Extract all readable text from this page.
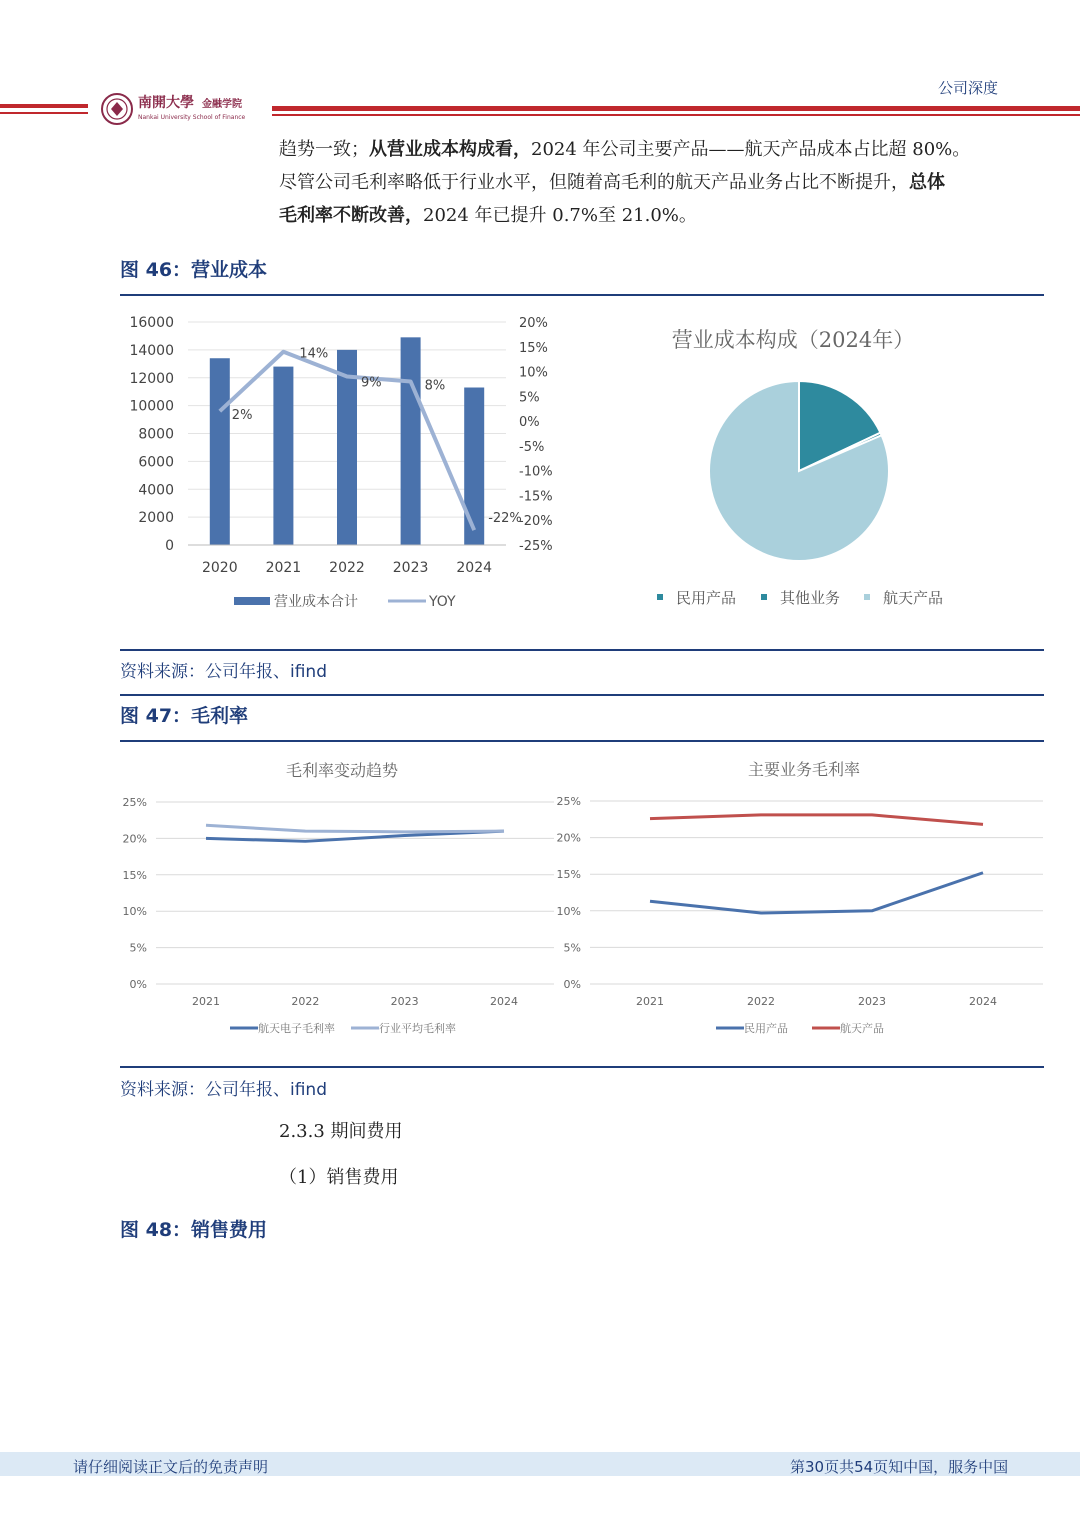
公司深度
南開大學 金融学院
Nankai University School of Finance
趋势一致；从营业成本构成看，2024 年公司主要产品——航天产品成本占比超 80%。
尽管公司毛利率略低于行业水平，但随着高毛利的航天产品业务占比不断提升，总体
毛利率不断改善，2024 年已提升 0.7%至 21.0%。
图 46：营业成本
2%
14%
9%	8%
-22%
16000
14000
12000
10000
8000
6000
4000
2000
0
20%
15%
10%
5%
0%
-5%
-10%
-15%
-20%
-25%
2020 2021 2022 2023 2024
营业成本合计	YOY
营业成本构成（2024年）
民用产品	其他业务	航天产品
资料来源：公司年报、ifind
图 47：毛利率
毛利率变动趋势
25%
20%
15%
10%
5%
0%
2021	2022	2023	2024
航天电子毛利率	行业平均毛利率
主要业务毛利率
25%
20%
15%
10%
5%
0%
2021	2022	2023	2024
民用产品	航天产品
资料来源：公司年报、ifind
2.3.3 期间费用
（1）销售费用
图 48：销售费用
请仔细阅读正文后的免责声明	第30页共54页知中国，服务中国
